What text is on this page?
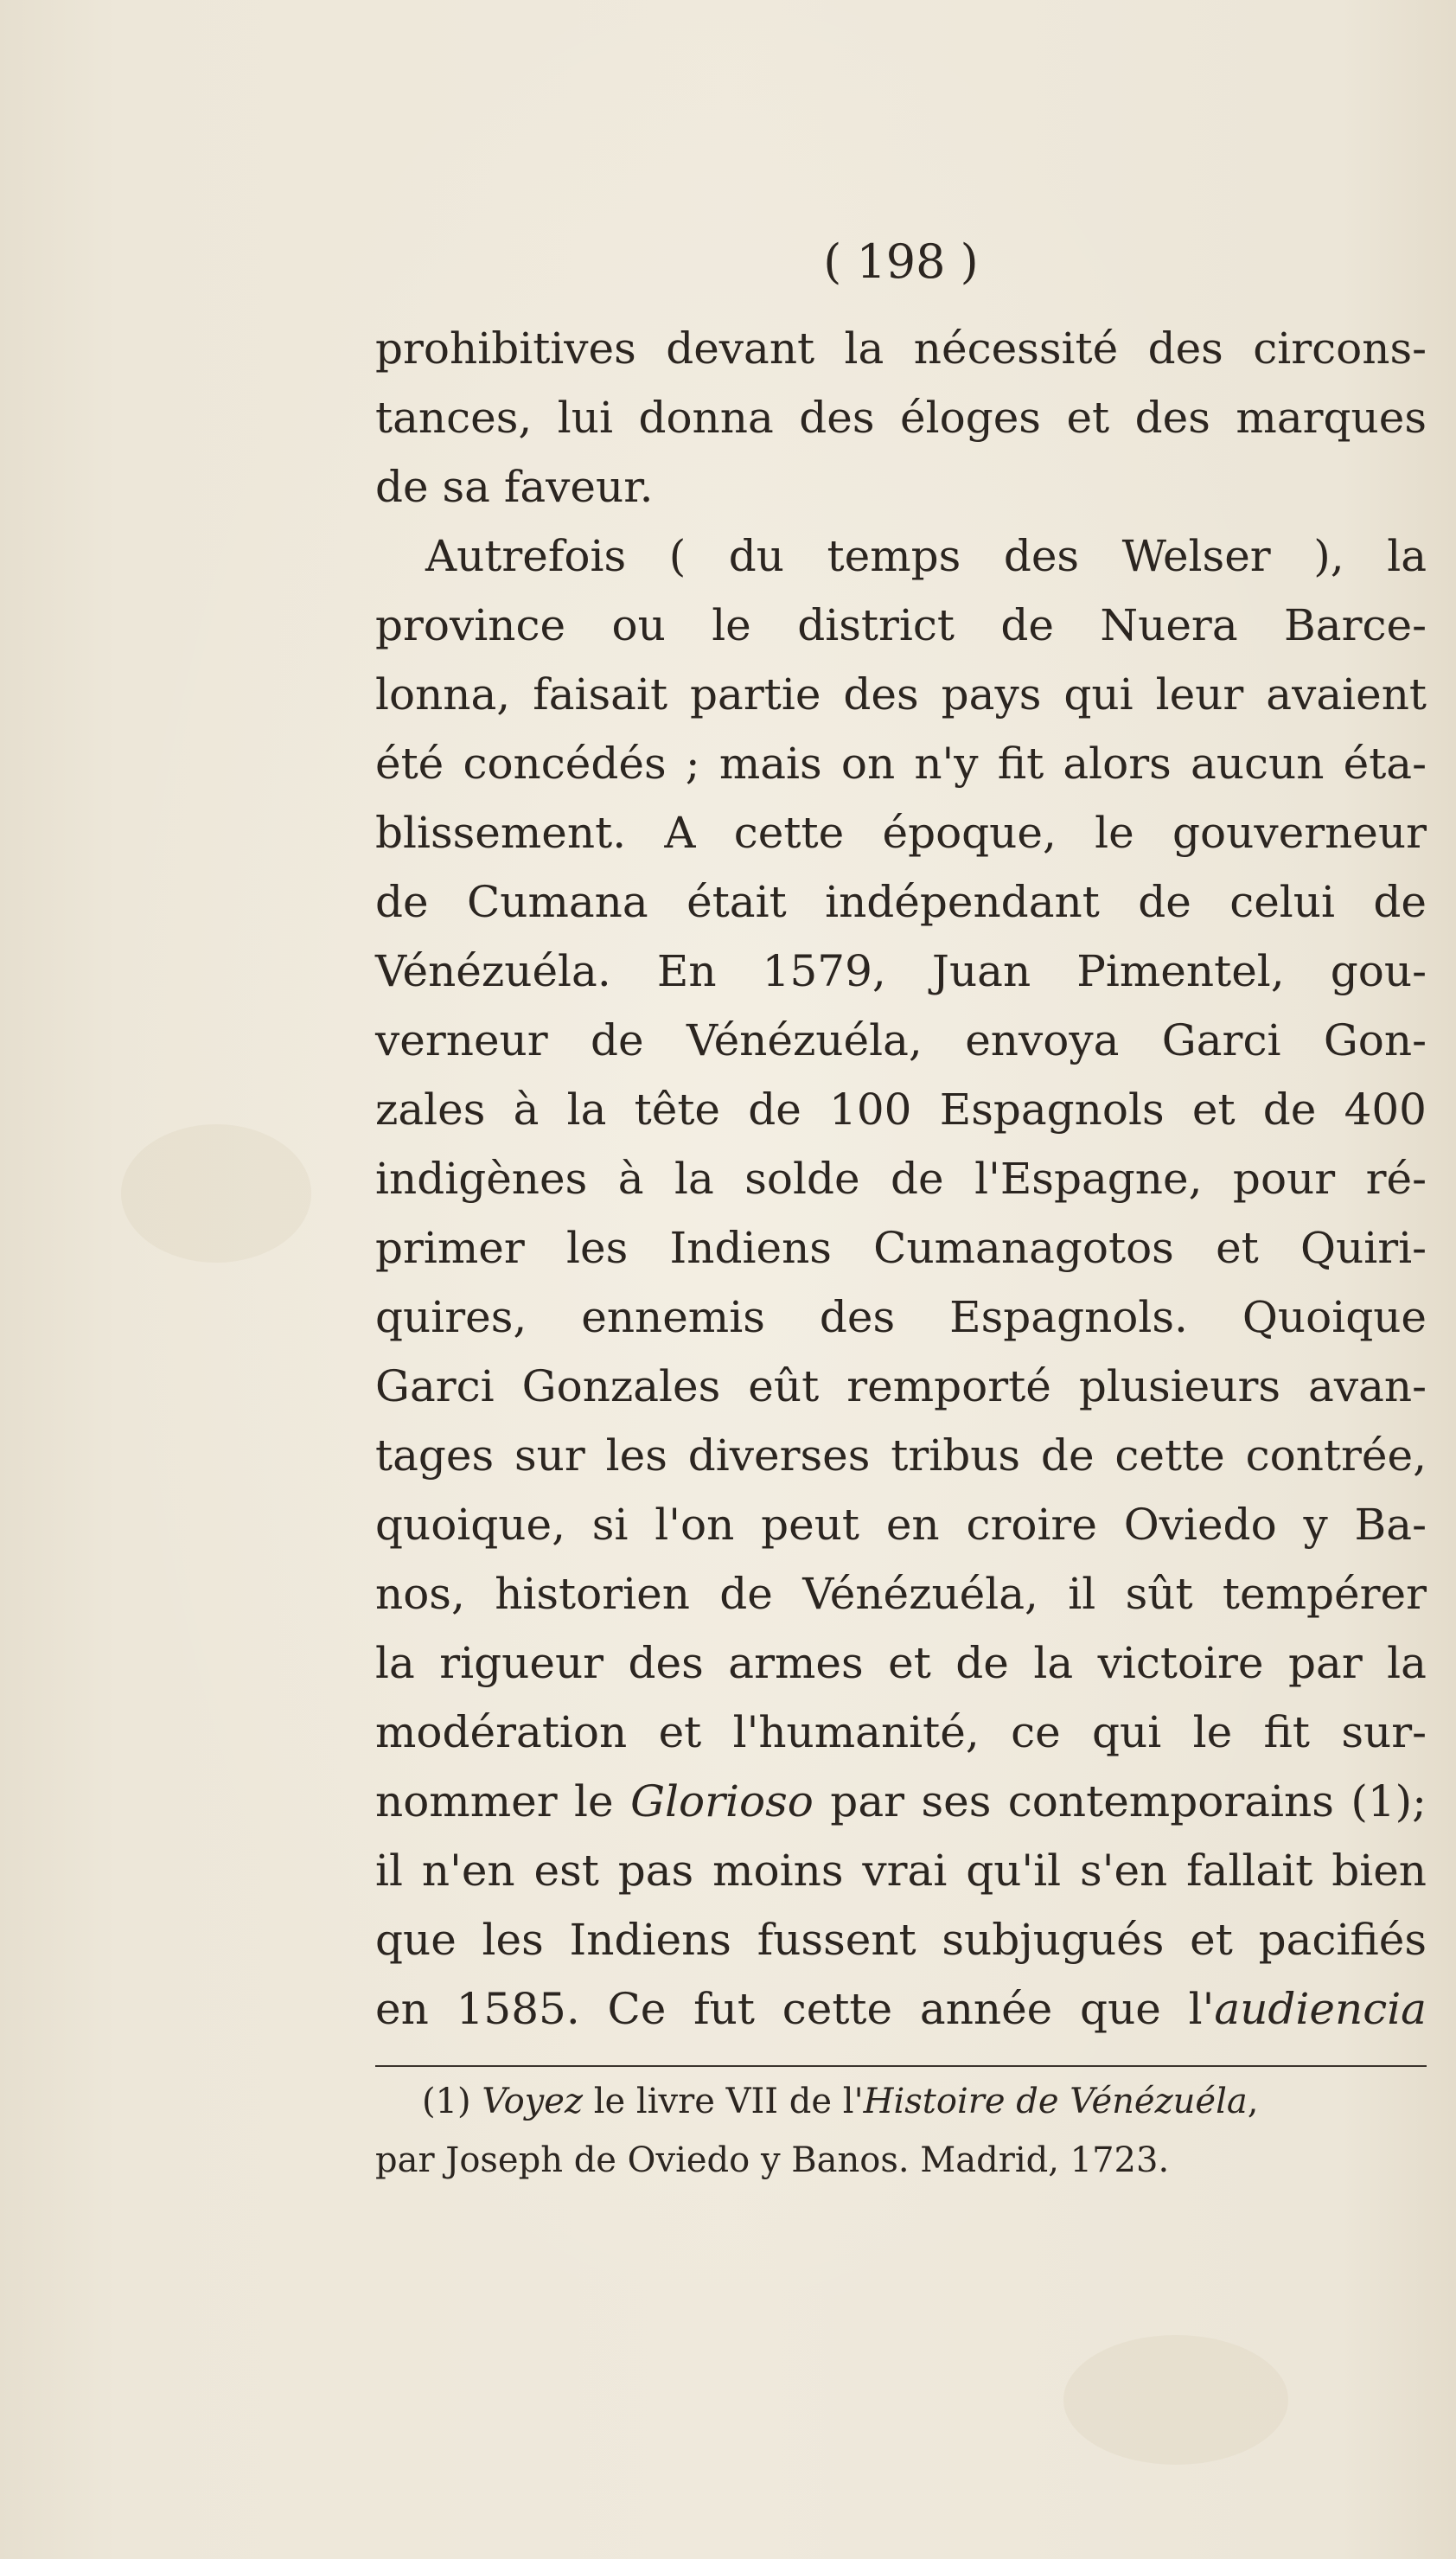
( 198 )
prohibitives devant la nécessité des circons-
tances, lui donna des éloges et des marques
de sa faveur.
Autrefois ( du temps des Welser ), la
province ou le district de Nuera Barce-
lonna, faisait partie des pays qui leur avaient
été concédés ; mais on n'y fit alors aucun éta-
blissement. A cette époque, le gouverneur
de Cumana était indépendant de celui de
Vénézuéla. En 1579, Juan Pimentel, gou-
verneur de Vénézuéla, envoya Garci Gon-
zales à la tête de 100 Espagnols et de 400
indigènes à la solde de l'Espagne, pour ré-
primer les Indiens Cumanagotos et Quiri-
quires, ennemis des Espagnols. Quoique
Garci Gonzales eût remporté plusieurs avan-
tages sur les diverses tribus de cette contrée,
quoique, si l'on peut en croire Oviedo y Ba-
nos, historien de Vénézuéla, il sût tempérer
la rigueur des armes et de la victoire par la
modération et l'humanité, ce qui le fit sur-
nommer le Glorioso par ses contemporains (1);
il n'en est pas moins vrai qu'il s'en fallait bien
que les Indiens fussent subjugués et pacifiés
en 1585. Ce fut cette année que l'audiencia
(1) Voyez le livre VII de l'Histoire de Vénézuéla,
par Joseph de Oviedo y Banos. Madrid, 1723.
